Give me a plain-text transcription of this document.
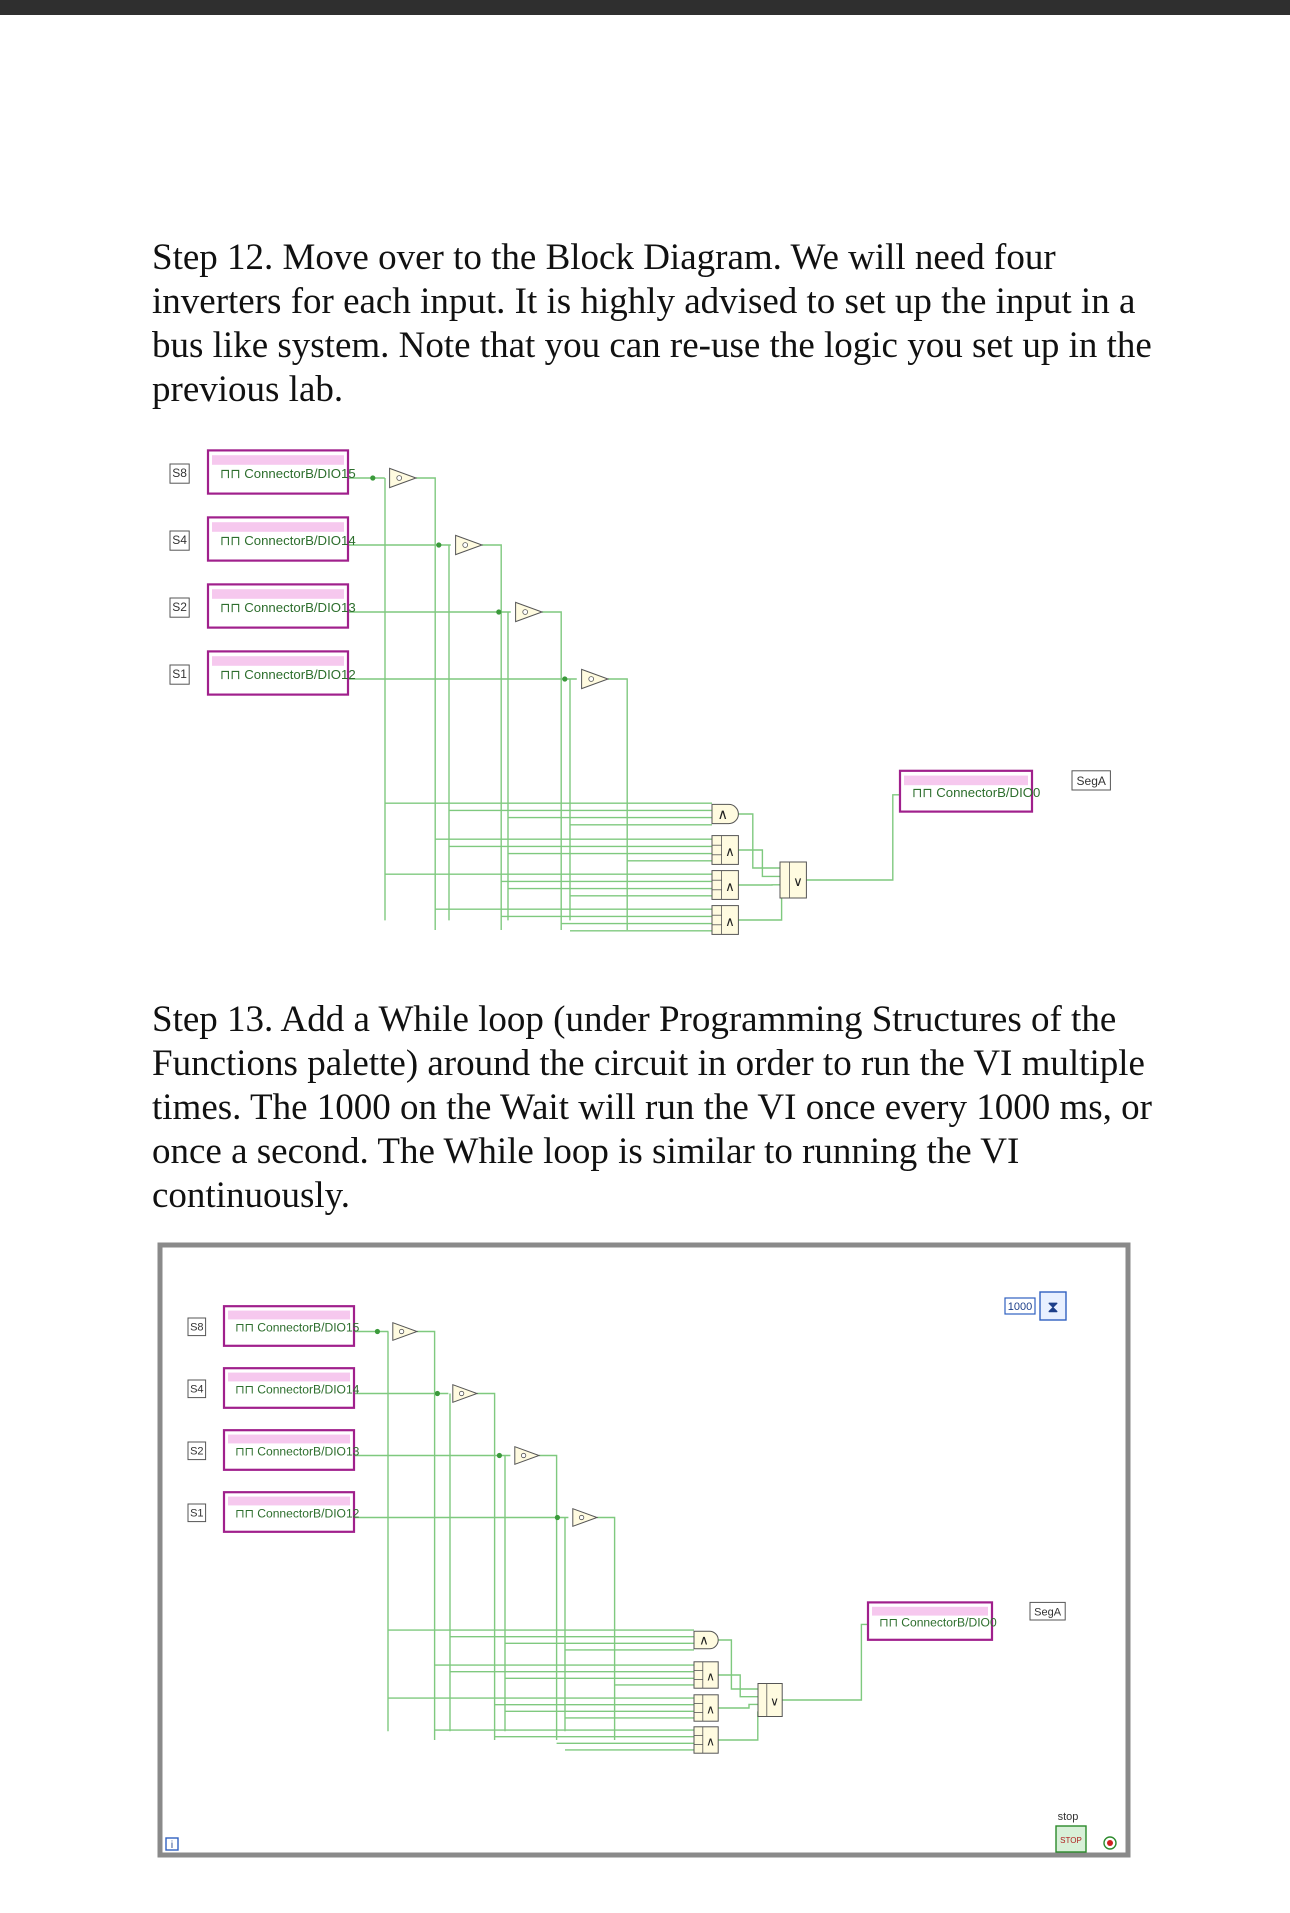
Step 12. Move over to the Block Diagram. We will need four inverters for each input. It is highly advised to set up the input in a bus like system. Note that you can re-use the logic you set up in the previous lab.

S8	⊓⊓ ConnectorB/DIO15
S4	⊓⊓ ConnectorB/DIO14
S2	⊓⊓ ConnectorB/DIO13
S1	⊓⊓ ConnectorB/DIO12
∧
∧
∧
∧
∨
⊓⊓ ConnectorB/DIO0
SegA

Step 13. Add a While loop (under Programming Structures of the Functions palette) around the circuit in order to run the VI multiple times. The 1000 on the Wait will run the VI once every 1000 ms, or once a second. The While loop is similar to running the VI continuously.

S8	⊓⊓ ConnectorB/DIO15
S4	⊓⊓ ConnectorB/DIO14
S2	⊓⊓ ConnectorB/DIO13
S1	⊓⊓ ConnectorB/DIO12
∧
∧
∧
∧
∨
⊓⊓ ConnectorB/DIO0
SegA
1000 ⧗
stop
STOP
i
